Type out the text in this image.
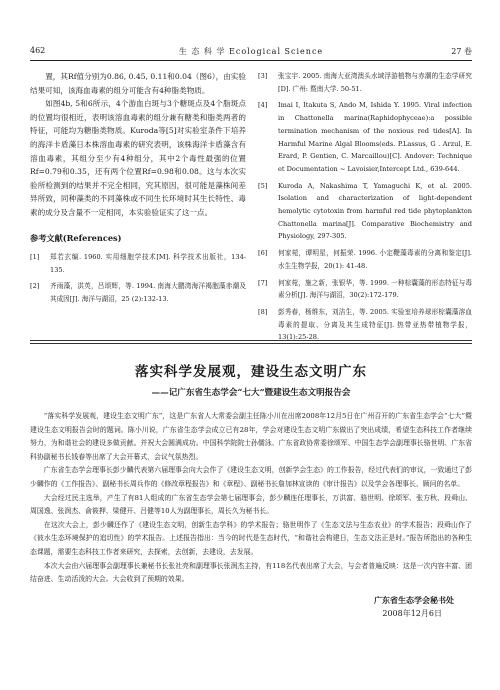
462	生 态 科 学 Ecological Science	27 卷

置，其Rf值分别为0.86, 0.45, 0.11和0.04（图6），由实验结果可知，该海血毒素的组分可能含有4种脂类物质。

如图4b, 5和6所示，4个游血白斑与3个糖斑点及4个脂斑点的位置均很相近，表明该溶血毒素的组分兼有糖类和脂类两者的特征，可能均为糖脂类物质。Kuroda等[5]对实验室条件下培养的海洋卡盾藻日本株溶血毒素的研究表明，该株海洋卡盾藻含有溶血毒素，其组分至少有4种组分，其中2个毒性最强的位置Rf=0.79和0.35，还有两个位置Rf=0.98和0.08。这与本次实验所检测到的结果并不完全相同，究其原因，很可能是藻株间差异所致，同种藻类的不同藻株或不同生长环境时其生长特性、毒素的成分及含量不一定相同，本实验验证实了这一点。

参考文献(References)
[1]	郑若玄编. 1960. 实用细胞学技术[M]. 科学技术出版社，134-135.
[2]	齐雨藻，洪英，吕颂辉，等. 1994. 南海大鹏湾海洋褐胞藻赤潮及其成因[J]. 海洋与湖沼，25 (2):132-13.
[3]	张宝宇. 2005. 南海大亚湾澳头水域浮游植物与赤潮的生态学研究[D]. 广州: 暨南大学. 50-51.
[4]	Imai I, Itakuta S, Ando M, Ishida Y. 1995. Viral infection in Chattonella marina(Raphidophyceae):a possible termination mechanism of the noxious red tides[A]. In Harmful Marine Algal Blooms(eds. P.Lassus, G . Arzul, E. Erard, P. Gentien, C. Marcaillou)[C]. Andover: Technique et Documentation ~ Lavoisier,Intercept Ltd., 639-644.
[5]	Kuroda A, Nakashima T, Yamaguchi K, et al. 2005. Isolation and characterization of light-dependent hemolytic cytotoxin from harmful red tide phytoplankton Chattonella marina[J]. Comparative Biochemistry and Physiology, 297-305.
[6]	何家菀，谭明星，何振荣. 1996. 小定鞭藻毒素的分离和鉴定[J]. 水生生物学报，20(1): 41-48.
[7]	何家菀，施之新，张银华，等. 1999. 一种棕囊藻的形态特征与毒素分析[J]. 海洋与湖沼，30(2):172-179.
[8]	彭秀春，杨维东，刘洁生，等. 2005. 实验室培养球形棕囊藻溶血毒素的提取、分离及其生成特征[J]. 热带亚热带植物学报，13(1):25-28.
落实科学发展观，建设生态文明广东
——记广东省生态学会“七大”暨建设生态文明报告会

“落实科学发展观，建设生态文明广东”，这是广东省人大常委会副主任陈小川在出席2008年12月5日在广州召开的广东省生态学会“七大”暨建设生态文明报告会时的题词。陈小川说，广东省生态学会成立已有28年，学会对建设生态文明广东做出了突出成绩，希望生态科技工作者继续努力，为和谐社会的建设多做贡献。并祝大会圆满成功。中国科学院院士孙儒泳、广东省政协常委徐颂军、中国生态学会副理事长骆世明、广东省科协副秘书长钱春等出席了大会开幕式，会议气氛热烈。

广东省生态学会理事长彭少麟代表第六届理事会向大会作了《建设生态文明，创新学会生态》的工作报告，经过代表们的审议，一致通过了彭少麟作的《工作报告》、副秘书长周兵作的《修改章程报告》和《章程》、副秘书长詹加林宣读的《审计报告》以及学会各理事长、顾问的名单。

大会经过民主选举，产生了有81人组成的广东省生态学会第七届理事会，彭少麟连任理事长，万洪富、骆世明、徐颂军、张方秋、段舜山、周国逸、张润杰、俞筱押、梁健开、吕健等10人为副理事长，周长久为秘书长。

在这次大会上，彭少麟还作了《建设生态文明，创新生态学科》的学术报告；骆世明作了《生态文法与生态农业》的学术报告；段舜山作了《彼水生态环境保护的追切性》的学术报告。上述报告指出：当今的时代是生态时代，“和谐社会构建日，生态文法正是时。”报告所指出的各种生态课题，需要生态科技工作者来研究，去探索，去创新，去建设，去发展。

本次大会由六届理事会副理事长兼秘书长张社亮和副理事长张润杰主持，有118名代表出席了大会，与会者普遍反映：这是一次内容丰富、团结奋进、生动活泼的大会。大会收到了预期的效果。

广东省生态学会秘书处
2008年12月6日
